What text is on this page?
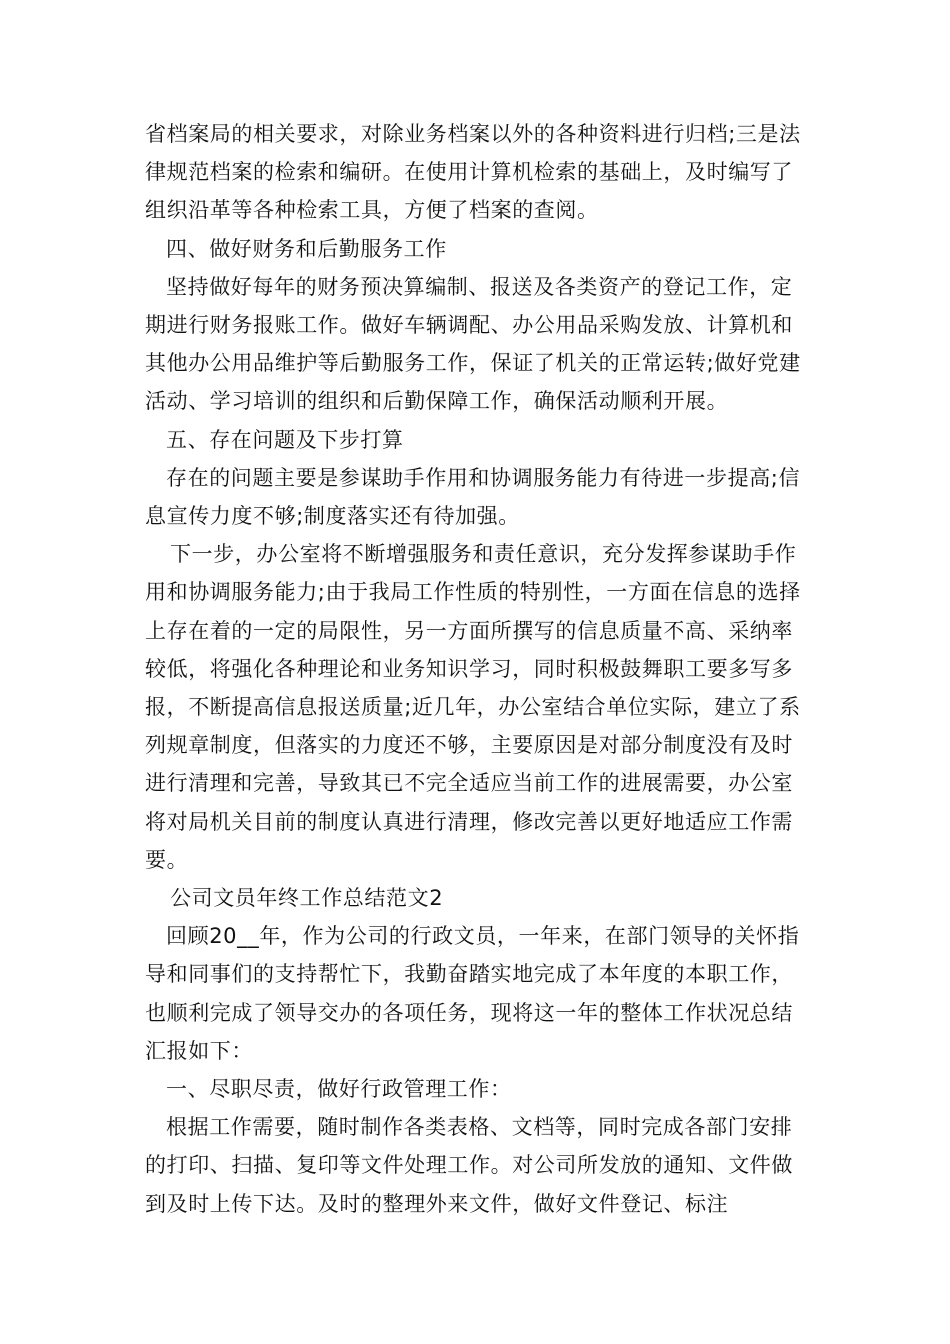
省档案局的相关要求，对除业务档案以外的各种资料进行归档;三是法律规范档案的检索和编研。在使用计算机检索的基础上，及时编写了组织沿革等各种检索工具，方便了档案的查阅。

四、做好财务和后勤服务工作

坚持做好每年的财务预决算编制、报送及各类资产的登记工作，定期进行财务报账工作。做好车辆调配、办公用品采购发放、计算机和其他办公用品维护等后勤服务工作，保证了机关的正常运转;做好党建活动、学习培训的组织和后勤保障工作，确保活动顺利开展。

五、存在问题及下步打算

存在的问题主要是参谋助手作用和协调服务能力有待进一步提高;信息宣传力度不够;制度落实还有待加强。

下一步，办公室将不断增强服务和责任意识，充分发挥参谋助手作用和协调服务能力;由于我局工作性质的特别性，一方面在信息的选择上存在着的一定的局限性，另一方面所撰写的信息质量不高、采纳率较低，将强化各种理论和业务知识学习，同时积极鼓舞职工要多写多报，不断提高信息报送质量;近几年，办公室结合单位实际，建立了系列规章制度，但落实的力度还不够，主要原因是对部分制度没有及时进行清理和完善，导致其已不完全适应当前工作的进展需要，办公室将对局机关目前的制度认真进行清理，修改完善以更好地适应工作需要。

公司文员年终工作总结范文2

回顾20__年，作为公司的行政文员，一年来，在部门领导的关怀指导和同事们的支持帮忙下，我勤奋踏实地完成了本年度的本职工作，也顺利完成了领导交办的各项任务，现将这一年的整体工作状况总结汇报如下：

一、尽职尽责，做好行政管理工作：

根据工作需要，随时制作各类表格、文档等，同时完成各部门安排的打印、扫描、复印等文件处理工作。对公司所发放的通知、文件做到及时上传下达。及时的整理外来文件，做好文件登记、标注
